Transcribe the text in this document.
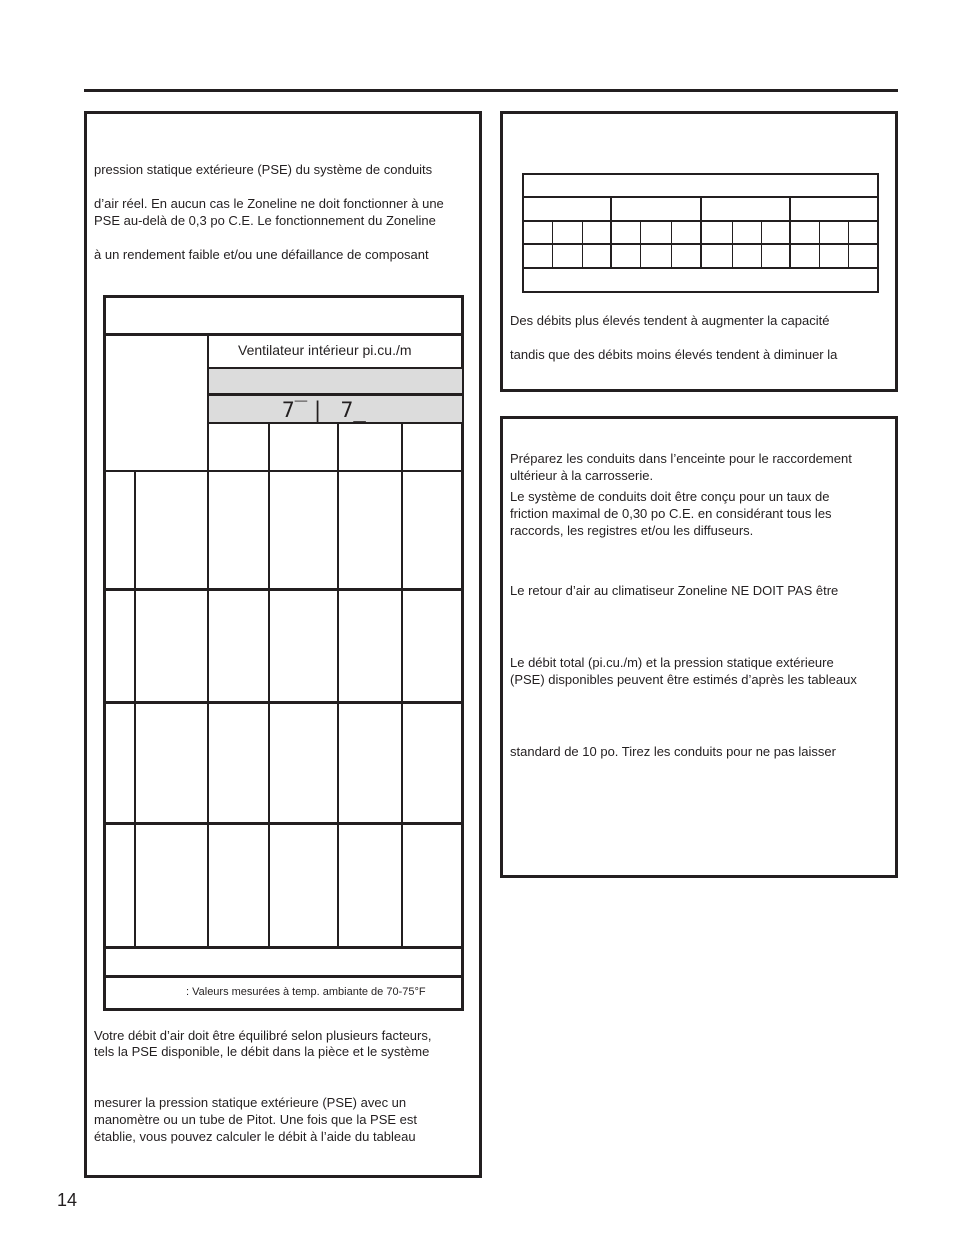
pression statique extérieure (PSE) du système de conduits
d’air réel. En aucun cas le Zoneline ne doit fonctionner à une
PSE au-delà de 0,3 po C.E. Le fonctionnement du Zoneline
à un rendement faible et/ou une défaillance de composant
Ventilateur intérieur pi.cu./m
7̅ | 7̲
: Valeurs mesurées à temp. ambiante de 70-75°F
Votre débit d’air doit être équilibré selon plusieurs facteurs,
tels la PSE disponible, le débit dans la pièce et le système
mesurer la pression statique extérieure (PSE) avec un
manomètre ou un tube de Pitot. Une fois que la PSE est
établie, vous pouvez calculer le débit à l’aide du tableau
Des débits plus élevés tendent à augmenter la capacité
tandis que des débits moins élevés tendent à diminuer la
Préparez les conduits dans l’enceinte pour le raccordement
ultérieur à la carrosserie.
Le système de conduits doit être conçu pour un taux de
friction maximal de 0,30 po C.E. en considérant tous les
raccords, les registres et/ou les diffuseurs.
Le retour d’air au climatiseur Zoneline NE DOIT PAS être
Le débit total (pi.cu./m) et la pression statique extérieure
(PSE) disponibles peuvent être estimés d’après les tableaux
standard de 10 po. Tirez les conduits pour ne pas laisser
14
